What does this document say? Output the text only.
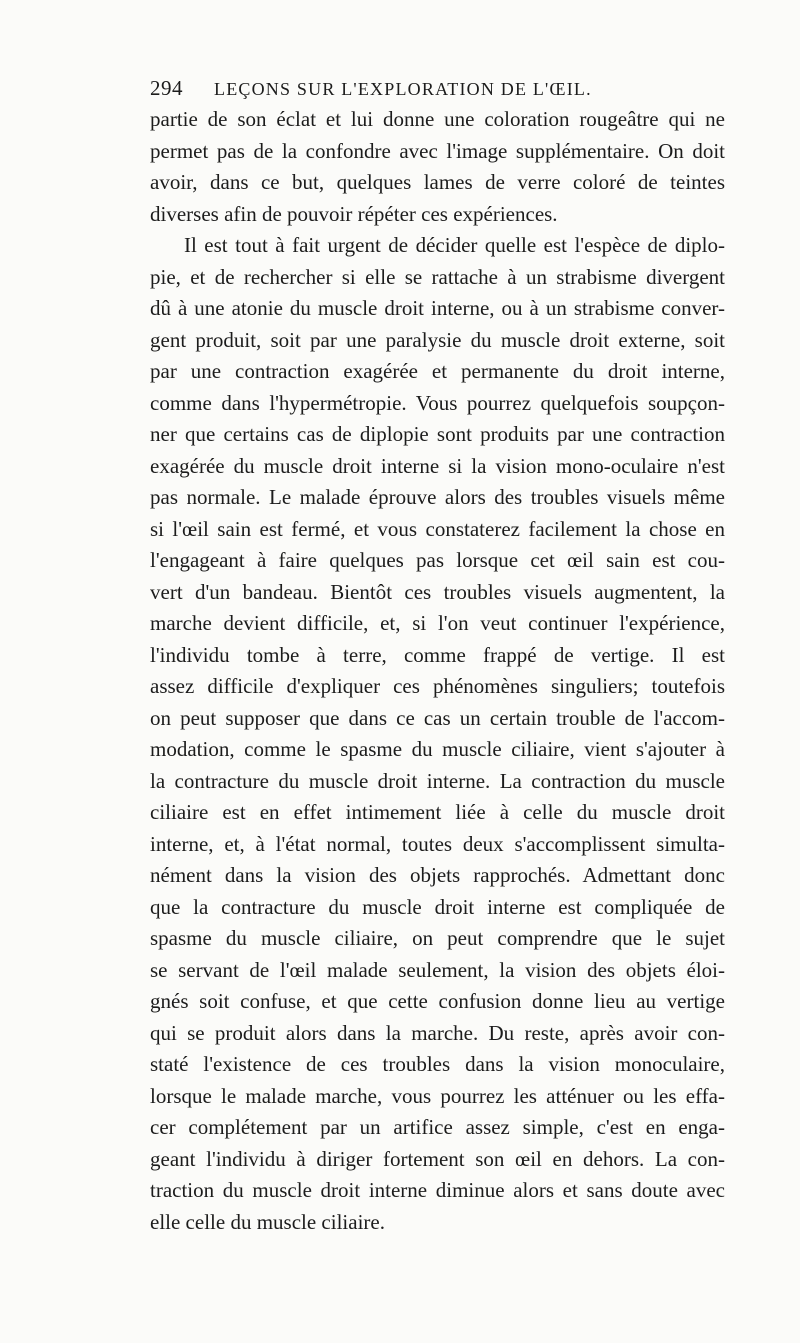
294 LEÇONS SUR L'EXPLORATION DE L'ŒIL.
partie de son éclat et lui donne une coloration rougeâtre qui ne
permet pas de la confondre avec l'image supplémentaire. On doit
avoir, dans ce but, quelques lames de verre coloré de teintes
diverses afin de pouvoir répéter ces expériences.
Il est tout à fait urgent de décider quelle est l'espèce de diplo-
pie, et de rechercher si elle se rattache à un strabisme divergent
dû à une atonie du muscle droit interne, ou à un strabisme conver-
gent produit, soit par une paralysie du muscle droit externe, soit
par une contraction exagérée et permanente du droit interne,
comme dans l'hypermétropie. Vous pourrez quelquefois soupçon-
ner que certains cas de diplopie sont produits par une contraction
exagérée du muscle droit interne si la vision mono-oculaire n'est
pas normale. Le malade éprouve alors des troubles visuels même
si l'œil sain est fermé, et vous constaterez facilement la chose en
l'engageant à faire quelques pas lorsque cet œil sain est cou-
vert d'un bandeau. Bientôt ces troubles visuels augmentent, la
marche devient difficile, et, si l'on veut continuer l'expérience,
l'individu tombe à terre, comme frappé de vertige. Il est
assez difficile d'expliquer ces phénomènes singuliers; toutefois
on peut supposer que dans ce cas un certain trouble de l'accom-
modation, comme le spasme du muscle ciliaire, vient s'ajouter à
la contracture du muscle droit interne. La contraction du muscle
ciliaire est en effet intimement liée à celle du muscle droit
interne, et, à l'état normal, toutes deux s'accomplissent simulta-
nément dans la vision des objets rapprochés. Admettant donc
que la contracture du muscle droit interne est compliquée de
spasme du muscle ciliaire, on peut comprendre que le sujet
se servant de l'œil malade seulement, la vision des objets éloi-
gnés soit confuse, et que cette confusion donne lieu au vertige
qui se produit alors dans la marche. Du reste, après avoir con-
staté l'existence de ces troubles dans la vision monoculaire,
lorsque le malade marche, vous pourrez les atténuer ou les effa-
cer complétement par un artifice assez simple, c'est en enga-
geant l'individu à diriger fortement son œil en dehors. La con-
traction du muscle droit interne diminue alors et sans doute avec
elle celle du muscle ciliaire.
